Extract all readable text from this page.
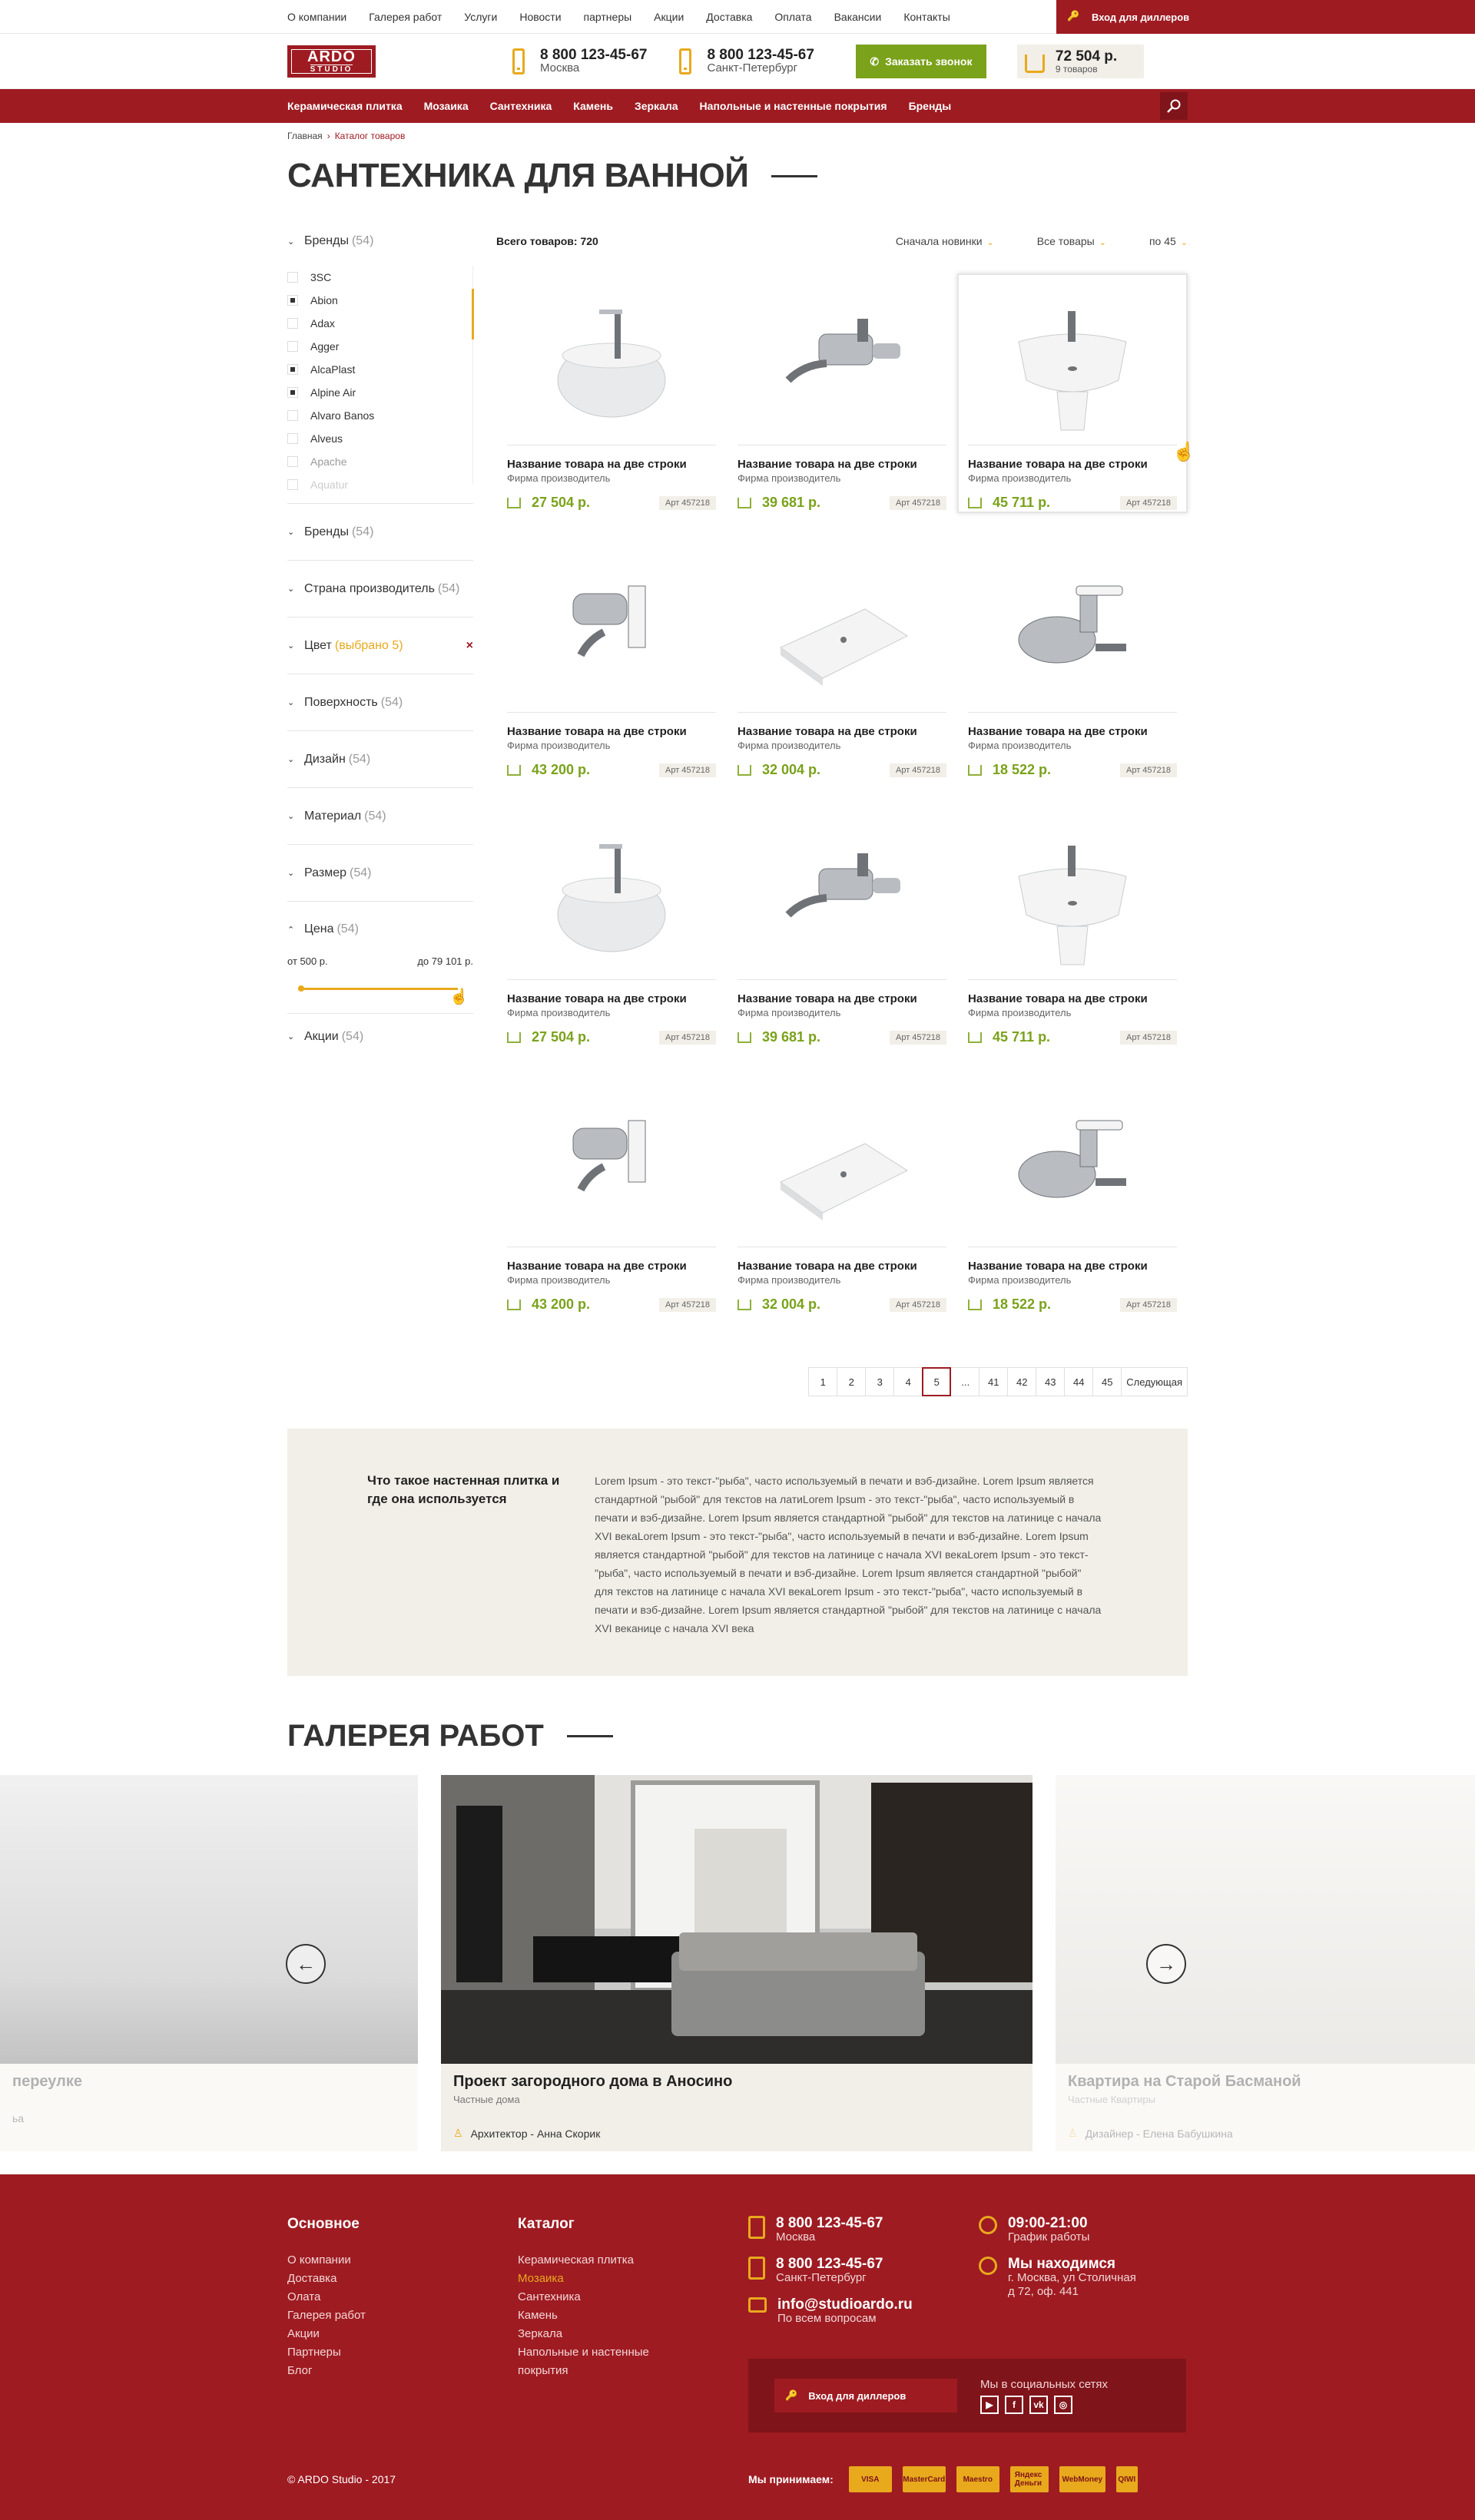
О компании Галерея работ Услуги Новости партнеры Акции Доставка Оплата Вакансии Контакты	🔑 Вход для диллеров
ARDO
STUDIO
8 800 123-45-67
Москва
8 800 123-45-67
Санкт-Петербург
✆ Заказать звонок	72 504 р.
9 товаров
Керамическая плитка Мозаика Сантехника Камень Зеркала Напольные и настенные покрытия Бренды
Главная › Каталог товаров
САНТЕХНИКА ДЛЯ ВАННОЙ
⌄ Бренды (54)
3SC
Abion
Adax
Agger
AlcaPlast
Alpine Air
Alvaro Banos
Alveus
Apache
Aquatur
⌄ Бренды (54)
⌄ Страна производитель (54)
⌄ Цвет (выбрано 5)	×
⌄ Поверхность (54)
⌄ Дизайн (54)
⌄ Материал (54)
⌄ Размер (54)
⌃ Цена (54)
от 500 р.	до 79 101 р.
☝
⌄ Акции (54)
Всего товаров: 720	Сначала новинки ⌄	Все товары ⌄	по 45 ⌄
Название товара на две строки
Фирма производитель
27 504 р.	Арт 457218
Название товара на две строки
Фирма производитель
39 681 р.	Арт 457218
Название товара на две строки
Фирма производитель
45 711 р.	Арт 457218
☝
Название товара на две строки
Фирма производитель
43 200 р.	Арт 457218
Название товара на две строки
Фирма производитель
32 004 р.	Арт 457218
Название товара на две строки
Фирма производитель
18 522 р.	Арт 457218
Название товара на две строки
Фирма производитель
27 504 р.	Арт 457218
Название товара на две строки
Фирма производитель
39 681 р.	Арт 457218
Название товара на две строки
Фирма производитель
45 711 р.	Арт 457218
Название товара на две строки
Фирма производитель
43 200 р.	Арт 457218
Название товара на две строки
Фирма производитель
32 004 р.	Арт 457218
Название товара на две строки
Фирма производитель
18 522 р.	Арт 457218
1	2	3	4	5	...	41	42	43	44	45	Следующая
Что такое настенная плитка и где она используется

Lorem Ipsum - это текст-"рыба", часто используемый в печати и вэб-дизайне. Lorem Ipsum является стандартной "рыбой" для текстов на латиLorem Ipsum - это текст-"рыба", часто используемый в печати и вэб-дизайне. Lorem Ipsum является стандартной "рыбой" для текстов на латинице с начала XVI векаLorem Ipsum - это текст-"рыба", часто используемый в печати и вэб-дизайне. Lorem Ipsum является стандартной "рыбой" для текстов на латинице с начала XVI векаLorem Ipsum - это текст-"рыба", часто используемый в печати и вэб-дизайне. Lorem Ipsum является стандартной "рыбой" для текстов на латинице с начала XVI векаLorem Ipsum - это текст-"рыба", часто используемый в печати и вэб-дизайне. Lorem Ipsum является стандартной "рыбой" для текстов на латинице с начала XVI веканице с начала XVI века

ГАЛЕРЕЯ РАБОТ
переулке
ьа
Проект загородного дома в Аносино
Частные дома
♙ Архитектор - Анна Скорик
Квартира на Старой Басманой
Частные Квартиры
♙ Дизайнер - Елена Бабушкина
←	→
Основное
О компании
Доставка
Олата
Галерея работ
Акции
Партнеры
Блог
Каталог
Керамическая плитка
Мозаика
Сантехника
Камень
Зеркала
Напольные и настенные
покрытия
8 800 123-45-67
Москва
8 800 123-45-67
Санкт-Петербург
info@studioardo.ru
По всем вопросам
09:00-21:00
График работы
Мы находимся
г. Москва, ул Столичная
д 72, оф. 441
🔑 Вход для диллеров
Мы в социальных сетях
▶	f	vk	◎
© ARDO Studio - 2017	Мы принимаем:	VISA	MasterCard	Maestro	Яндекс Деньги	WebMoney	QIWI
